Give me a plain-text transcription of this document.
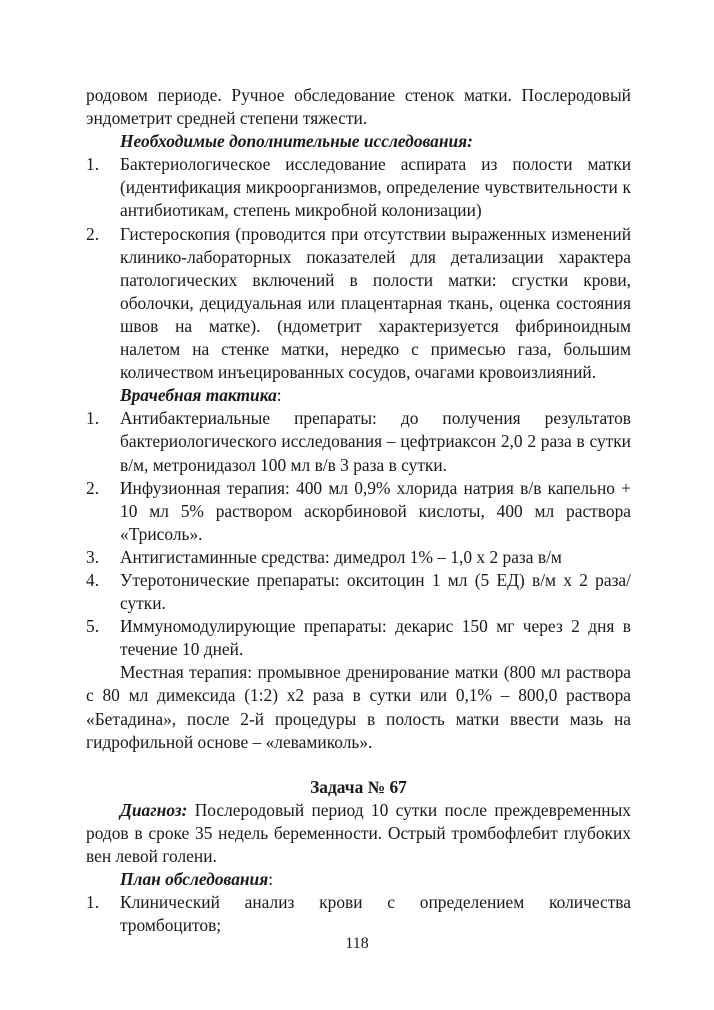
родовом периоде. Ручное обследование стенок матки. Послеродовый эндометрит средней степени тяжести.

Необходимые дополнительные исследования:

1.	Бактериологическое исследование аспирата из полости матки (идентификация микроорганизмов, определение чувствительности к антибиотикам, степень микробной колонизации)
2.	Гистероскопия (проводится при отсутствии выраженных изменений клинико-лабораторных показателей для детализации характера патологических включений в полости матки: сгустки крови, оболочки, децидуальная или плацентарная ткань, оценка состояния швов на матке). (ндометрит характеризуется фибриноидным налетом на стенке матки, нередко с примесью газа, большим количеством инъецированных сосудов, очагами кровоизлияний.

Врачебная тактика:

1.	Антибактериальные препараты: до получения результатов бактериологического исследования – цефтриаксон 2,0 2 раза в сутки в/м, метронидазол 100 мл в/в 3 раза в сутки.
2.	Инфузионная терапия: 400 мл 0,9% хлорида натрия в/в капельно + 10 мл 5% раствором аскорбиновой кислоты, 400 мл раствора «Трисоль».
3.	Антигистаминные средства: димедрол 1% – 1,0 х 2 раза в/м
4.	Утеротонические препараты: окситоцин 1 мл (5 ЕД) в/м х 2 раза/сутки.
5.	Иммуномодулирующие препараты: декарис 150 мг через 2 дня в течение 10 дней.

Местная терапия: промывное дренирование матки (800 мл раствора с 80 мл димексида (1:2) х2 раза в сутки или 0,1% – 800,0 раствора «Бетадина», после 2-й процедуры в полость матки ввести мазь на гидрофильной основе – «левамиколь».

Задача № 67

Диагноз: Послеродовый период 10 сутки после преждевременных родов в сроке 35 недель беременности. Острый тромбофлебит глубоких вен левой голени.

План обследования:

1.	Клинический анализ крови с определением количества тромбоцитов;
118
